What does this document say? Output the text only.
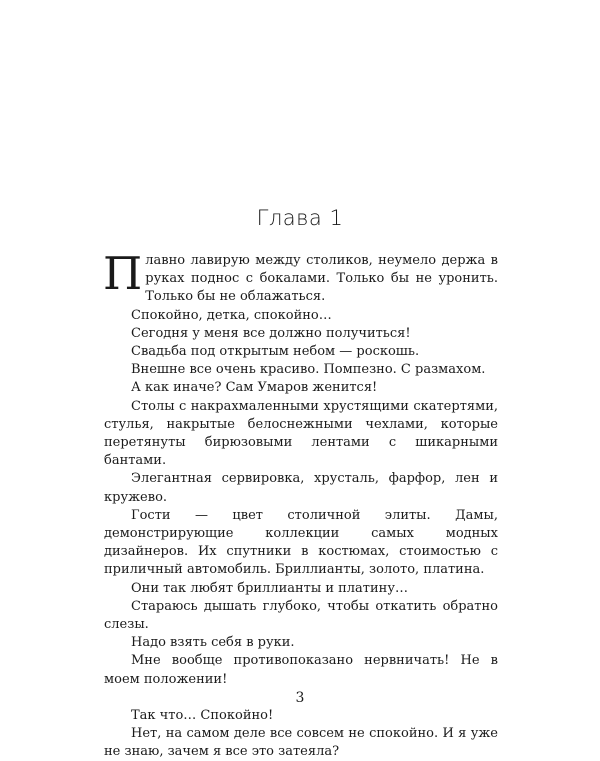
Глава 1

Плавно лавирую между столиков, неумело держа в руках поднос с бокалами. Только бы не уронить. Только бы не облажаться.

Спокойно, детка, спокойно…

Сегодня у меня все должно получиться!

Свадьба под открытым небом — роскошь.

Внешне все очень красиво. Помпезно. С размахом.

А как иначе? Сам Умаров женится!

Столы с накрахмаленными хрустящими скатертями, стулья, накрытые белоснежными чехлами, которые перетянуты бирюзовыми лентами с шикарными бантами.

Элегантная сервировка, хрусталь, фарфор, лен и кружево.

Гости — цвет столичной элиты. Дамы, демонстрирующие коллекции самых модных дизайнеров. Их спутники в костюмах, стоимостью с приличный автомобиль. Бриллианты, золото, платина.

Они так любят бриллианты и платину…

Стараюсь дышать глубоко, чтобы откатить обратно слезы.

Надо взять себя в руки.

Мне вообще противопоказано нервничать! Не в моем положении!

Так что… Спокойно!

Нет, на самом деле все совсем не спокойно. И я уже не знаю, зачем я все это затеяла?

3
